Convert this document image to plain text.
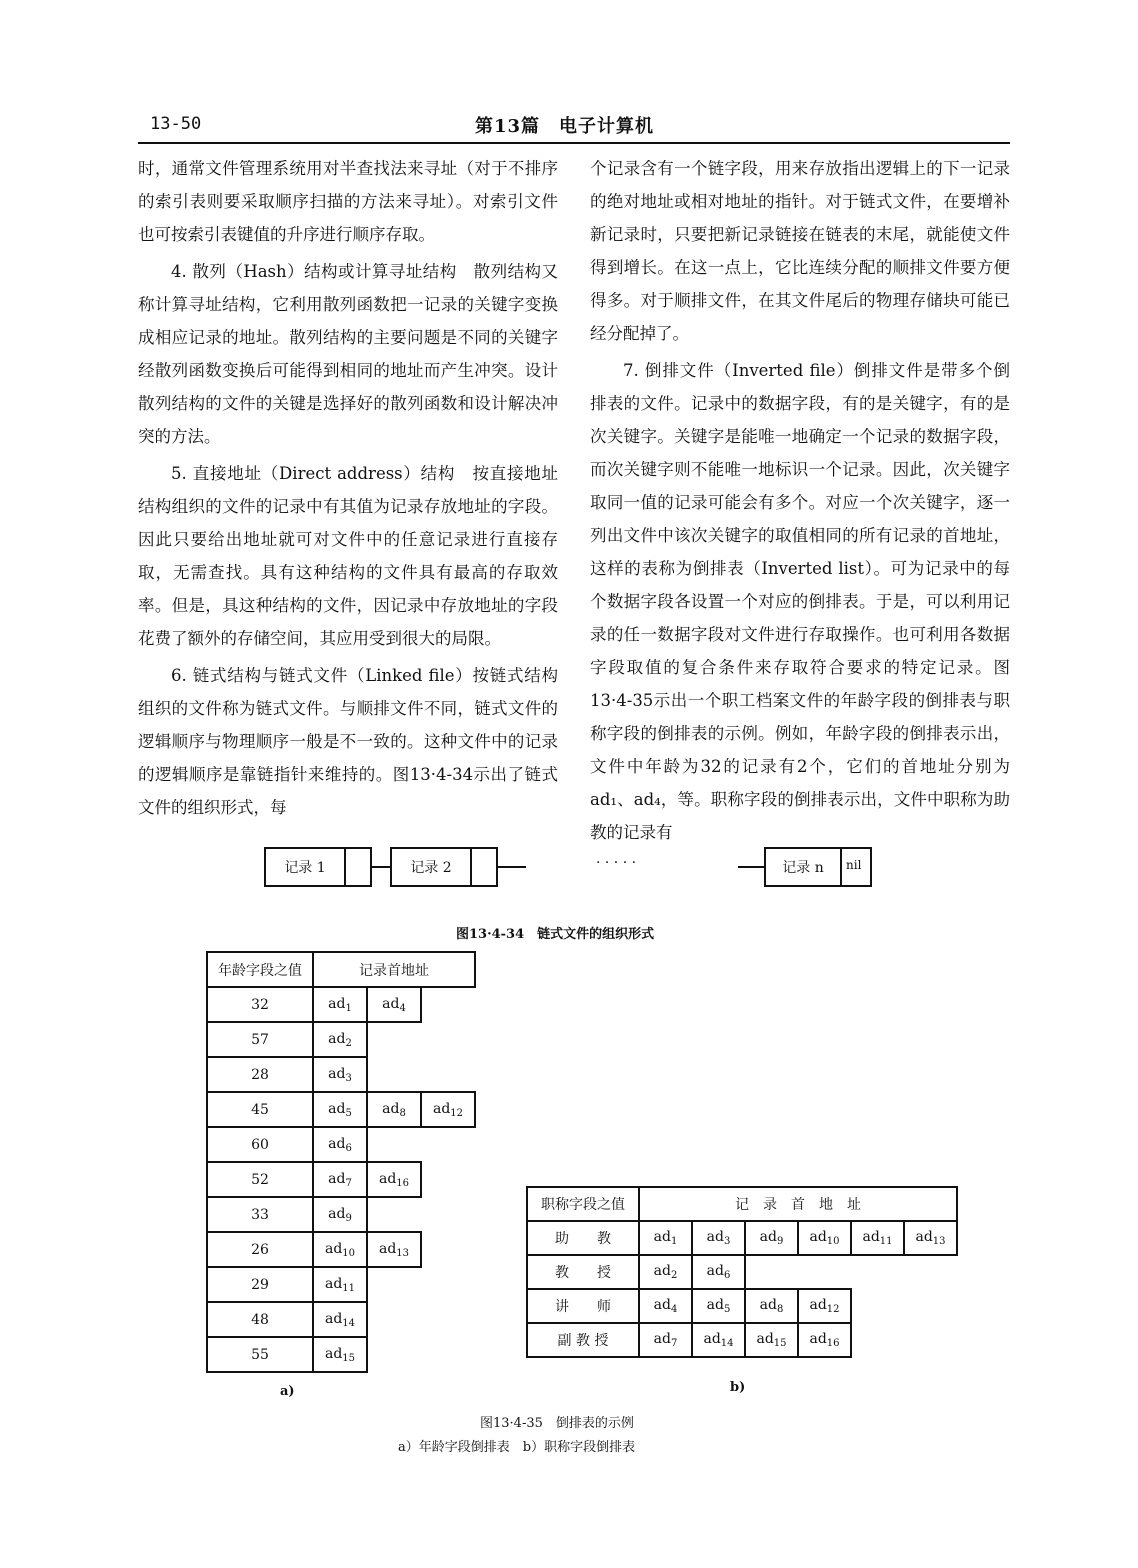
13-50	第13篇　电子计算机

时，通常文件管理系统用对半查找法来寻址（对于不排序的索引表则要采取顺序扫描的方法来寻址）。对索引文件也可按索引表键值的升序进行顺序存取。

4. 散列（Hash）结构或计算寻址结构　散列结构又称计算寻址结构，它利用散列函数把一记录的关键字变换成相应记录的地址。散列结构的主要问题是不同的关键字经散列函数变换后可能得到相同的地址而产生冲突。设计散列结构的文件的关键是选择好的散列函数和设计解决冲突的方法。

5. 直接地址（Direct address）结构　按直接地址结构组织的文件的记录中有其值为记录存放地址的字段。因此只要给出地址就可对文件中的任意记录进行直接存取，无需查找。具有这种结构的文件具有最高的存取效率。但是，具这种结构的文件，因记录中存放地址的字段花费了额外的存储空间，其应用受到很大的局限。

6. 链式结构与链式文件（Linked file）按链式结构组织的文件称为链式文件。与顺排文件不同，链式文件的逻辑顺序与物理顺序一般是不一致的。这种文件中的记录的逻辑顺序是靠链指针来维持的。图13·4-34示出了链式文件的组织形式，每

个记录含有一个链字段，用来存放指出逻辑上的下一记录的绝对地址或相对地址的指针。对于链式文件，在要增补新记录时，只要把新记录链接在链表的末尾，就能使文件得到增长。在这一点上，它比连续分配的顺排文件要方便得多。对于顺排文件，在其文件尾后的物理存储块可能已经分配掉了。

7. 倒排文件（Inverted file）倒排文件是带多个倒排表的文件。记录中的数据字段，有的是关键字，有的是次关键字。关键字是能唯一地确定一个记录的数据字段，而次关键字则不能唯一地标识一个记录。因此，次关键字取同一值的记录可能会有多个。对应一个次关键字，逐一列出文件中该次关键字的取值相同的所有记录的首地址，这样的表称为倒排表（Inverted list）。可为记录中的每个数据字段各设置一个对应的倒排表。于是，可以利用记录的任一数据字段对文件进行存取操作。也可利用各数据字段取值的复合条件来存取符合要求的特定记录。图13·4-35示出一个职工档案文件的年龄字段的倒排表与职称字段的倒排表的示例。例如，年龄字段的倒排表示出，文件中年龄为32的记录有2个，它们的首地址分别为ad₁、ad₄，等。职称字段的倒排表示出，文件中职称为助教的记录有

记录 1	记录 2	· · · · ·	记录 n	nil
图13·4-34　链式文件的组织形式
年龄字段之值	记录首地址		
32	$ad_1$	$ad_4$	
57	$ad_2$		
28	$ad_3$		
45	$ad_5$	$ad_8$	$ad_{12}$
60	$ad_6$		
52	$ad_7$	$ad_{16}$	
33	$ad_9$		
26	$ad_{10}$	$ad_{13}$	
29	$ad_{11}$		
48	$ad_{14}$		
55	$ad_{15}$		
a)
职称字段之值	记　录　首　地　址					
助　　教	$ad_1$	$ad_3$	$ad_9$	$ad_{10}$	$ad_{11}$	$ad_{13}$
教　　授	$ad_2$	$ad_6$				
讲　　师	$ad_4$	$ad_5$	$ad_8$	$ad_{12}$		
副 教 授	$ad_7$	$ad_{14}$	$ad_{15}$	$ad_{16}$		
b)
图13·4-35　倒排表的示例
a）年龄字段倒排表　b）职称字段倒排表
